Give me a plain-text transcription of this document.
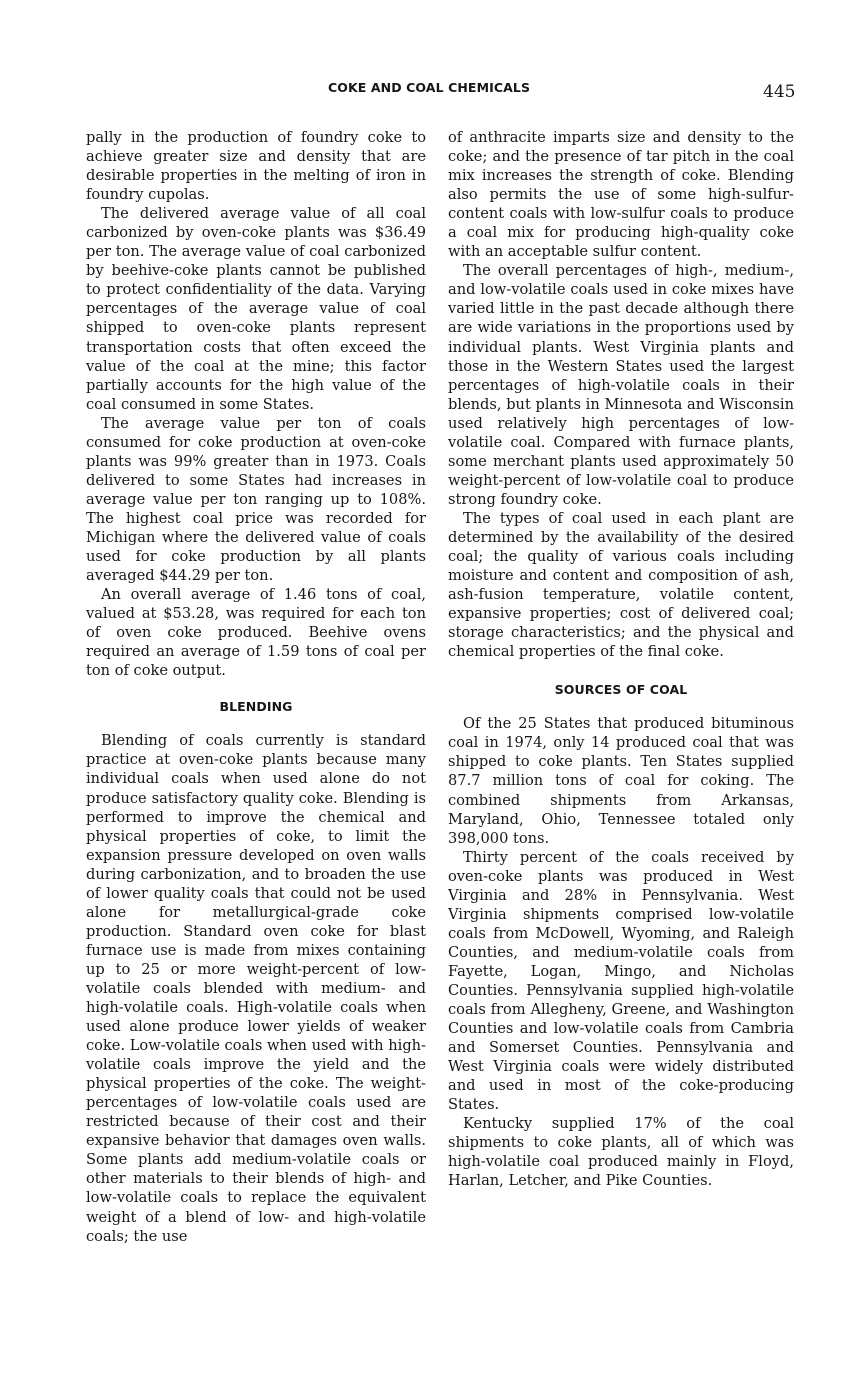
COKE AND COAL CHEMICALS	445

pally in the production of foundry coke to achieve greater size and density that are desirable properties in the melting of iron in foundry cupolas.

The delivered average value of all coal carbonized by oven-coke plants was $36.49 per ton. The average value of coal carbonized by beehive-coke plants cannot be published to protect confidentiality of the data. Varying percentages of the average value of coal shipped to oven-coke plants represent transportation costs that often exceed the value of the coal at the mine; this factor partially accounts for the high value of the coal consumed in some States.

The average value per ton of coals consumed for coke production at oven-coke plants was 99% greater than in 1973. Coals delivered to some States had increases in average value per ton ranging up to 108%. The highest coal price was recorded for Michigan where the delivered value of coals used for coke production by all plants averaged $44.29 per ton.

An overall average of 1.46 tons of coal, valued at $53.28, was required for each ton of oven coke produced. Beehive ovens required an average of 1.59 tons of coal per ton of coke output.

BLENDING

Blending of coals currently is standard practice at oven-coke plants because many individual coals when used alone do not produce satisfactory quality coke. Blending is performed to improve the chemical and physical properties of coke, to limit the expansion pressure developed on oven walls during carbonization, and to broaden the use of lower quality coals that could not be used alone for metallurgical-grade coke production. Standard oven coke for blast furnace use is made from mixes containing up to 25 or more weight-percent of low-volatile coals blended with medium- and high-volatile coals. High-volatile coals when used alone produce lower yields of weaker coke. Low-volatile coals when used with high-volatile coals improve the yield and the physical properties of the coke. The weight-percentages of low-volatile coals used are restricted because of their cost and their expansive behavior that damages oven walls. Some plants add medium-volatile coals or other materials to their blends of high- and low-volatile coals to replace the equivalent weight of a blend of low- and high-volatile coals; the use

of anthracite imparts size and density to the coke; and the presence of tar pitch in the coal mix increases the strength of coke. Blending also permits the use of some high-sulfur-content coals with low-sulfur coals to produce a coal mix for producing high-quality coke with an acceptable sulfur content.

The overall percentages of high-, medium-, and low-volatile coals used in coke mixes have varied little in the past decade although there are wide variations in the proportions used by individual plants. West Virginia plants and those in the Western States used the largest percentages of high-volatile coals in their blends, but plants in Minnesota and Wisconsin used relatively high percentages of low-volatile coal. Compared with furnace plants, some merchant plants used approximately 50 weight-percent of low-volatile coal to produce strong foundry coke.

The types of coal used in each plant are determined by the availability of the desired coal; the quality of various coals including moisture and content and composition of ash, ash-fusion temperature, volatile content, expansive properties; cost of delivered coal; storage characteristics; and the physical and chemical properties of the final coke.

SOURCES OF COAL

Of the 25 States that produced bituminous coal in 1974, only 14 produced coal that was shipped to coke plants. Ten States supplied 87.7 million tons of coal for coking. The combined shipments from Arkansas, Maryland, Ohio, Tennessee totaled only 398,000 tons.

Thirty percent of the coals received by oven-coke plants was produced in West Virginia and 28% in Pennsylvania. West Virginia shipments comprised low-volatile coals from McDowell, Wyoming, and Raleigh Counties, and medium-volatile coals from Fayette, Logan, Mingo, and Nicholas Counties. Pennsylvania supplied high-volatile coals from Allegheny, Greene, and Washington Counties and low-volatile coals from Cambria and Somerset Counties. Pennsylvania and West Virginia coals were widely distributed and used in most of the coke-producing States.

Kentucky supplied 17% of the coal shipments to coke plants, all of which was high-volatile coal produced mainly in Floyd, Harlan, Letcher, and Pike Counties.
